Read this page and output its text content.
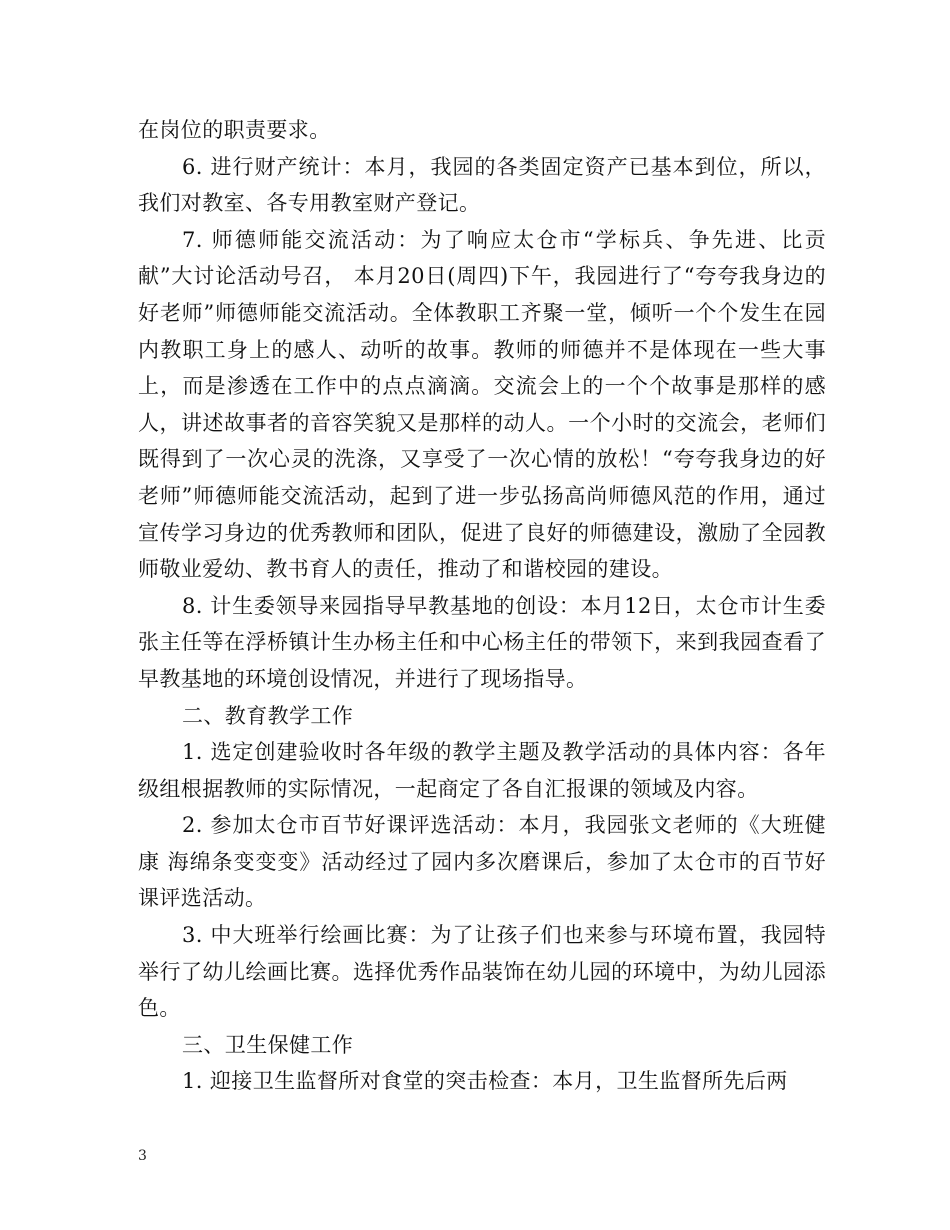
在岗位的职责要求。

6. 进行财产统计：本月，我园的各类固定资产已基本到位，所以，我们对教室、各专用教室财产登记。

7. 师德师能交流活动：为了响应太仓市“学标兵、争先进、比贡献”大讨论活动号召， 本月20日(周四)下午，我园进行了“夸夸我身边的好老师”师德师能交流活动。全体教职工齐聚一堂，倾听一个个发生在园内教职工身上的感人、动听的故事。教师的师德并不是体现在一些大事上，而是渗透在工作中的点点滴滴。交流会上的一个个故事是那样的感人，讲述故事者的音容笑貌又是那样的动人。一个小时的交流会，老师们既得到了一次心灵的洗涤，又享受了一次心情的放松！“夸夸我身边的好老师”师德师能交流活动，起到了进一步弘扬高尚师德风范的作用，通过宣传学习身边的优秀教师和团队，促进了良好的师德建设，激励了全园教师敬业爱幼、教书育人的责任，推动了和谐校园的建设。

8. 计生委领导来园指导早教基地的创设：本月12日，太仓市计生委张主任等在浮桥镇计生办杨主任和中心杨主任的带领下，来到我园查看了早教基地的环境创设情况，并进行了现场指导。

二、教育教学工作

1. 选定创建验收时各年级的教学主题及教学活动的具体内容：各年级组根据教师的实际情况，一起商定了各自汇报课的领域及内容。

2. 参加太仓市百节好课评选活动：本月，我园张文老师的《大班健康 海绵条变变变》活动经过了园内多次磨课后，参加了太仓市的百节好课评选活动。

3. 中大班举行绘画比赛：为了让孩子们也来参与环境布置，我园特举行了幼儿绘画比赛。选择优秀作品装饰在幼儿园的环境中，为幼儿园添色。

三、卫生保健工作

1. 迎接卫生监督所对食堂的突击检查：本月，卫生监督所先后两

3
